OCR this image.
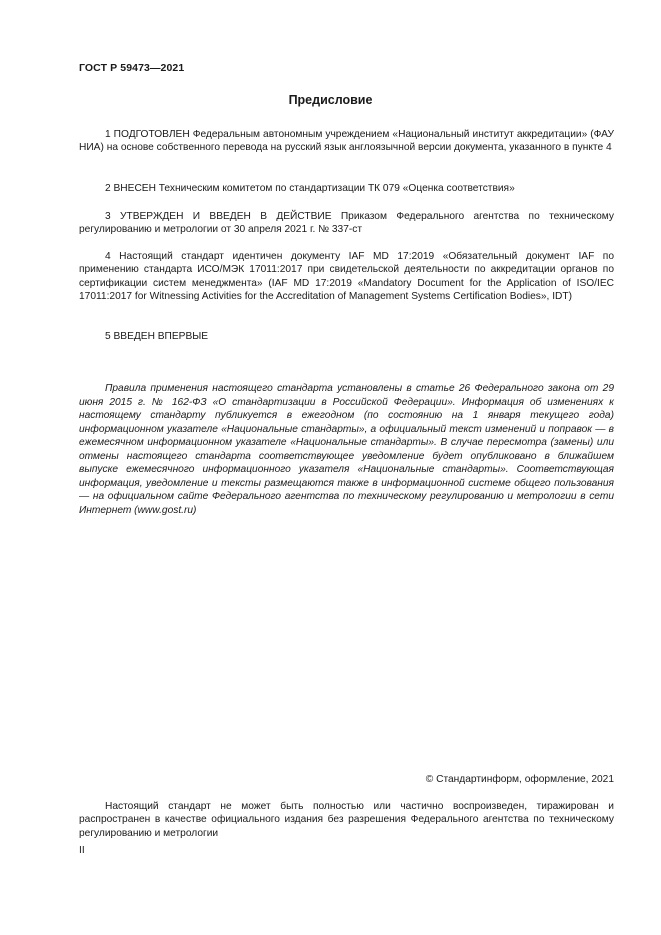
ГОСТ Р 59473—2021
Предисловие

1 ПОДГОТОВЛЕН Федеральным автономным учреждением «Национальный институт аккредитации» (ФАУ НИА) на основе собственного перевода на русский язык англоязычной версии документа, указанного в пункте 4

2 ВНЕСЕН Техническим комитетом по стандартизации ТК 079 «Оценка соответствия»

3 УТВЕРЖДЕН И ВВЕДЕН В ДЕЙСТВИЕ Приказом Федерального агентства по техническому регулированию и метрологии от 30 апреля 2021 г. № 337-ст

4 Настоящий стандарт идентичен документу IAF MD 17:2019 «Обязательный документ IAF по применению стандарта ИСО/МЭК 17011:2017 при свидетельской деятельности по аккредитации органов по сертификации систем менеджмента» (IAF MD 17:2019 «Mandatory Document for the Application of ISO/IEC 17011:2017 for Witnessing Activities for the Accreditation of Management Systems Certification Bodies», IDT)

5 ВВЕДЕН ВПЕРВЫЕ

Правила применения настоящего стандарта установлены в статье 26 Федерального закона от 29 июня 2015 г. № 162-ФЗ «О стандартизации в Российской Федерации». Информация об изменениях к настоящему стандарту публикуется в ежегодном (по состоянию на 1 января текущего года) информационном указателе «Национальные стандарты», а официальный текст изменений и поправок — в ежемесячном информационном указателе «Национальные стандарты». В случае пересмотра (замены) или отмены настоящего стандарта соответствующее уведомление будет опубликовано в ближайшем выпуске ежемесячного информационного указателя «Национальные стандарты». Соответствующая информация, уведомление и тексты размещаются также в информационной системе общего пользования — на официальном сайте Федерального агентства по техническому регулированию и метрологии в сети Интернет (www.gost.ru)

© Стандартинформ, оформление, 2021

Настоящий стандарт не может быть полностью или частично воспроизведен, тиражирован и распространен в качестве официального издания без разрешения Федерального агентства по техническому регулированию и метрологии

II
